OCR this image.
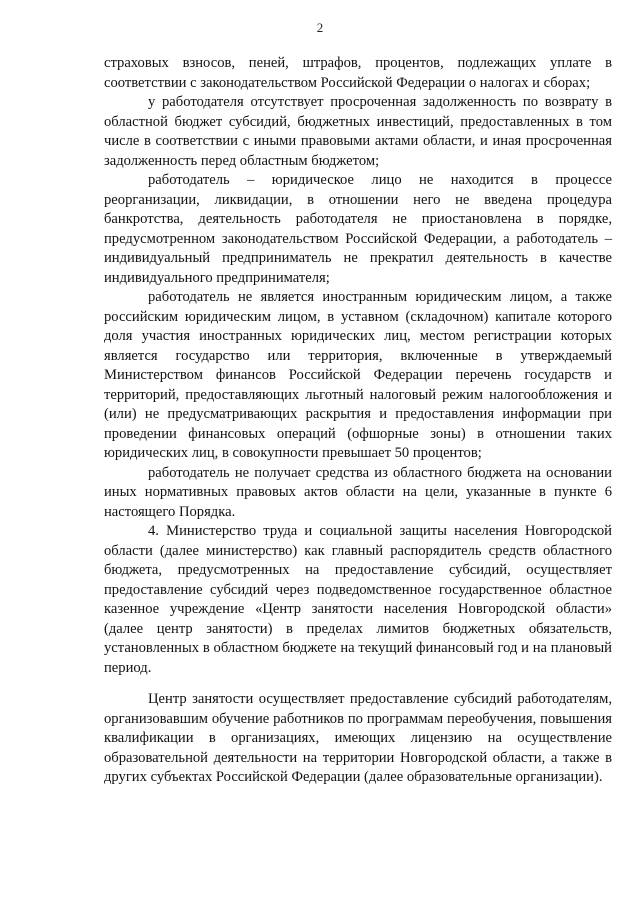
2

страховых взносов, пеней, штрафов, процентов, подлежащих уплате в соответствии с законодательством Российской Федерации о налогах и сборах;

у работодателя отсутствует просроченная задолженность по возврату в областной бюджет субсидий, бюджетных инвестиций, предоставленных в том числе в соответствии с иными правовыми актами области, и иная просроченная задолженность перед областным бюджетом;

работодатель – юридическое лицо не находится в процессе реорганизации, ликвидации, в отношении него не введена процедура банкротства, деятельность работодателя не приостановлена в порядке, предусмотренном законодательством Российской Федерации, а работодатель – индивидуальный предприниматель не прекратил деятельность в качестве индивидуального предпринимателя;

работодатель не является иностранным юридическим лицом, а также российским юридическим лицом, в уставном (складочном) капитале которого доля участия иностранных юридических лиц, местом регистрации которых является государство или территория, включенные в утверждаемый Министерством финансов Российской Федерации перечень государств и территорий, предоставляющих льготный налоговый режим налогообложения и (или) не предусматривающих раскрытия и предоставления информации при проведении финансовых операций (офшорные зоны) в отношении таких юридических лиц, в совокупности превышает 50 процентов;

работодатель не получает средства из областного бюджета на основании иных нормативных правовых актов области на цели, указанные в пункте 6 настоящего Порядка.

4. Министерство труда и социальной защиты населения Новгородской области (далее министерство) как главный распорядитель средств областного бюджета, предусмотренных на предоставление субсидий, осуществляет предоставление субсидий через подведомственное государственное областное казенное учреждение «Центр занятости населения Новгородской области» (далее центр занятости) в пределах лимитов бюджетных обязательств, установленных в областном бюджете на текущий финансовый год и на плановый период.

Центр занятости осуществляет предоставление субсидий работодателям, организовавшим обучение работников по программам переобучения, повышения квалификации в организациях, имеющих лицензию на осуществление образовательной деятельности на территории Новгородской области, а также в других субъектах Российской Федерации (далее образовательные организации).
